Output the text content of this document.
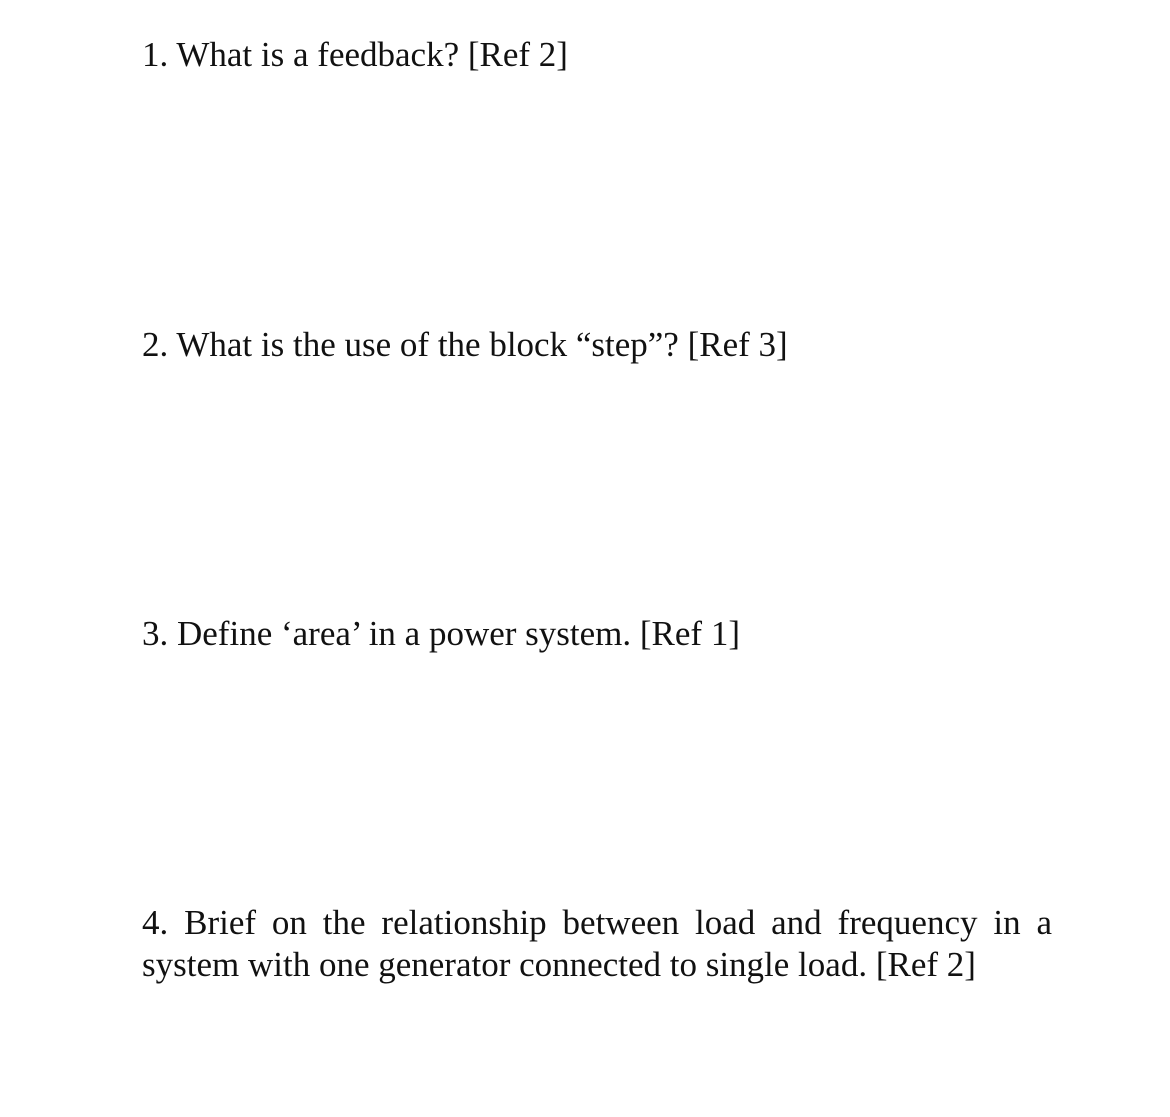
1. What is a feedback? [Ref 2]

2. What is the use of the block “step”? [Ref 3]

3. Define ‘area’ in a power system. [Ref 1]

4. Brief on the relationship between load and frequency in a system with one generator connected to single load. [Ref 2]
